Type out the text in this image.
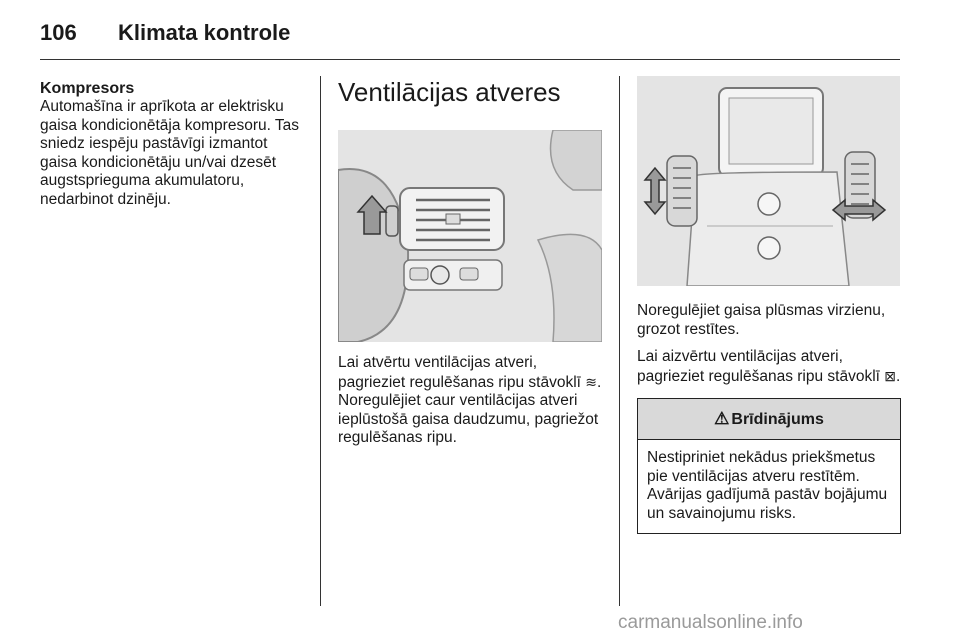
106 Klimata kontrole
Kompresors

Automašīna ir aprīkota ar elektrisku gaisa kondicionētāja kompresoru. Tas sniedz iespēju pastāvīgi izmantot gaisa kondicionētāju un/vai dzesēt augstsprieguma akumulatoru, nedarbinot dzinēju.

Ventilācijas atveres

Lai atvērtu ventilācijas atveri, pagrieziet regulēšanas ripu stāvoklī ≋. Noregulējiet caur ventilācijas atveri ieplūstošā gaisa daudzumu, pagriežot regulēšanas ripu.

Noregulējiet gaisa plūsmas virzienu, grozot restītes.

Lai aizvērtu ventilācijas atveri, pagrieziet regulēšanas ripu stāvoklī ⊠.

⚠ Brīdinājums
Nestipriniet nekādus priekšmetus pie ventilācijas atveru restītēm. Avārijas gadījumā pastāv bojājumu un savainojumu risks.
carmanualsonline.info
